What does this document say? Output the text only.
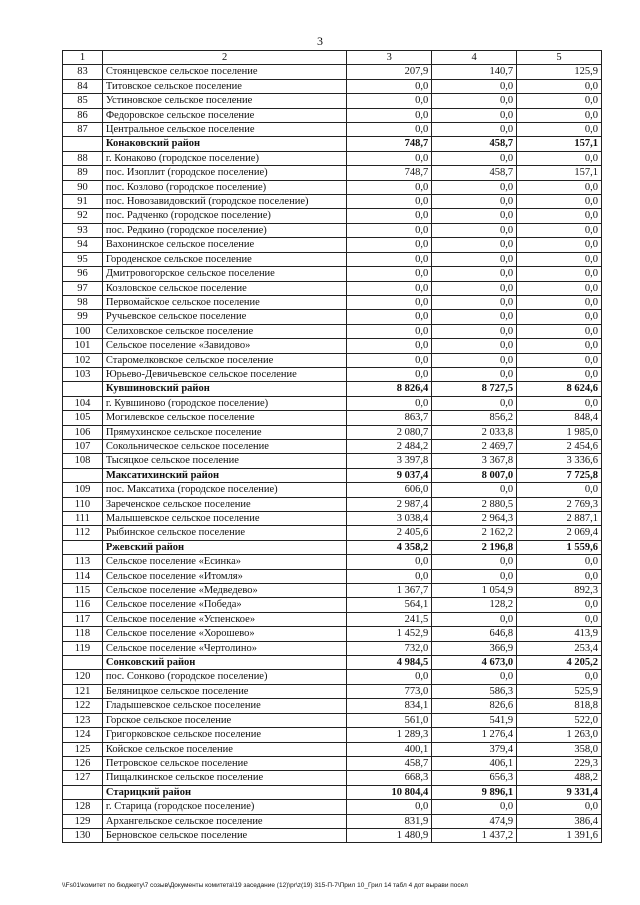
3
1	2	3	4	5
83	Стоянцевское сельское поселение	207,9	140,7	125,9
84	Титовское сельское поселение	0,0	0,0	0,0
85	Устиновское сельское поселение	0,0	0,0	0,0
86	Федоровское сельское поселение	0,0	0,0	0,0
87	Центральное сельское поселение	0,0	0,0	0,0
	Конаковский район	748,7	458,7	157,1
88	г. Конаково (городское поселение)	0,0	0,0	0,0
89	пос. Изоплит (городское поселение)	748,7	458,7	157,1
90	пос. Козлово (городское поселение)	0,0	0,0	0,0
91	пос. Новозавидовский (городское поселение)	0,0	0,0	0,0
92	пос. Радченко (городское поселение)	0,0	0,0	0,0
93	пос. Редкино (городское поселение)	0,0	0,0	0,0
94	Вахонинское сельское поселение	0,0	0,0	0,0
95	Городенское сельское поселение	0,0	0,0	0,0
96	Дмитровогорское сельское поселение	0,0	0,0	0,0
97	Козловское сельское поселение	0,0	0,0	0,0
98	Первомайское сельское поселение	0,0	0,0	0,0
99	Ручьевское сельское поселение	0,0	0,0	0,0
100	Селиховское сельское поселение	0,0	0,0	0,0
101	Сельское поселение «Завидово»	0,0	0,0	0,0
102	Старомелковское сельское поселение	0,0	0,0	0,0
103	Юрьево-Девичьевское сельское поселение	0,0	0,0	0,0
	Кувшиновский район	8 826,4	8 727,5	8 624,6
104	г. Кувшиново (городское поселение)	0,0	0,0	0,0
105	Могилевское сельское поселение	863,7	856,2	848,4
106	Прямухинское сельское поселение	2 080,7	2 033,8	1 985,0
107	Сокольническое сельское поселение	2 484,2	2 469,7	2 454,6
108	Тысяцкое сельское поселение	3 397,8	3 367,8	3 336,6
	Максатихинский район	9 037,4	8 007,0	7 725,8
109	пос. Максатиха (городское поселение)	606,0	0,0	0,0
110	Зареченское сельское поселение	2 987,4	2 880,5	2 769,3
111	Малышевское сельское поселение	3 038,4	2 964,3	2 887,1
112	Рыбинское сельское поселение	2 405,6	2 162,2	2 069,4
	Ржевский район	4 358,2	2 196,8	1 559,6
113	Сельское поселение «Есинка»	0,0	0,0	0,0
114	Сельское поселение «Итомля»	0,0	0,0	0,0
115	Сельское поселение «Медведево»	1 367,7	1 054,9	892,3
116	Сельское поселение «Победа»	564,1	128,2	0,0
117	Сельское поселение «Успенское»	241,5	0,0	0,0
118	Сельское поселение «Хорошево»	1 452,9	646,8	413,9
119	Сельское поселение «Чертолино»	732,0	366,9	253,4
	Сонковский район	4 984,5	4 673,0	4 205,2
120	пос. Сонково (городское поселение)	0,0	0,0	0,0
121	Беляницкое сельское поселение	773,0	586,3	525,9
122	Гладышевское сельское поселение	834,1	826,6	818,8
123	Горское сельское поселение	561,0	541,9	522,0
124	Григорковское сельское поселение	1 289,3	1 276,4	1 263,0
125	Койское сельское поселение	400,1	379,4	358,0
126	Петровское сельское поселение	458,7	406,1	229,3
127	Пищалкинское сельское поселение	668,3	656,3	488,2
	Старицкий район	10 804,4	9 896,1	9 331,4
128	г. Старица (городское поселение)	0,0	0,0	0,0
129	Архангельское сельское поселение	831,9	474,9	386,4
130	Берновское сельское поселение	1 480,9	1 437,2	1 391,6
\\Fs01\комитет по бюджету\7 созыв\Документы комитета\19 заседание (12)\pr\z(19) 315-П-7\Прил 10_Грил 14 табл 4 дот вырави посел
